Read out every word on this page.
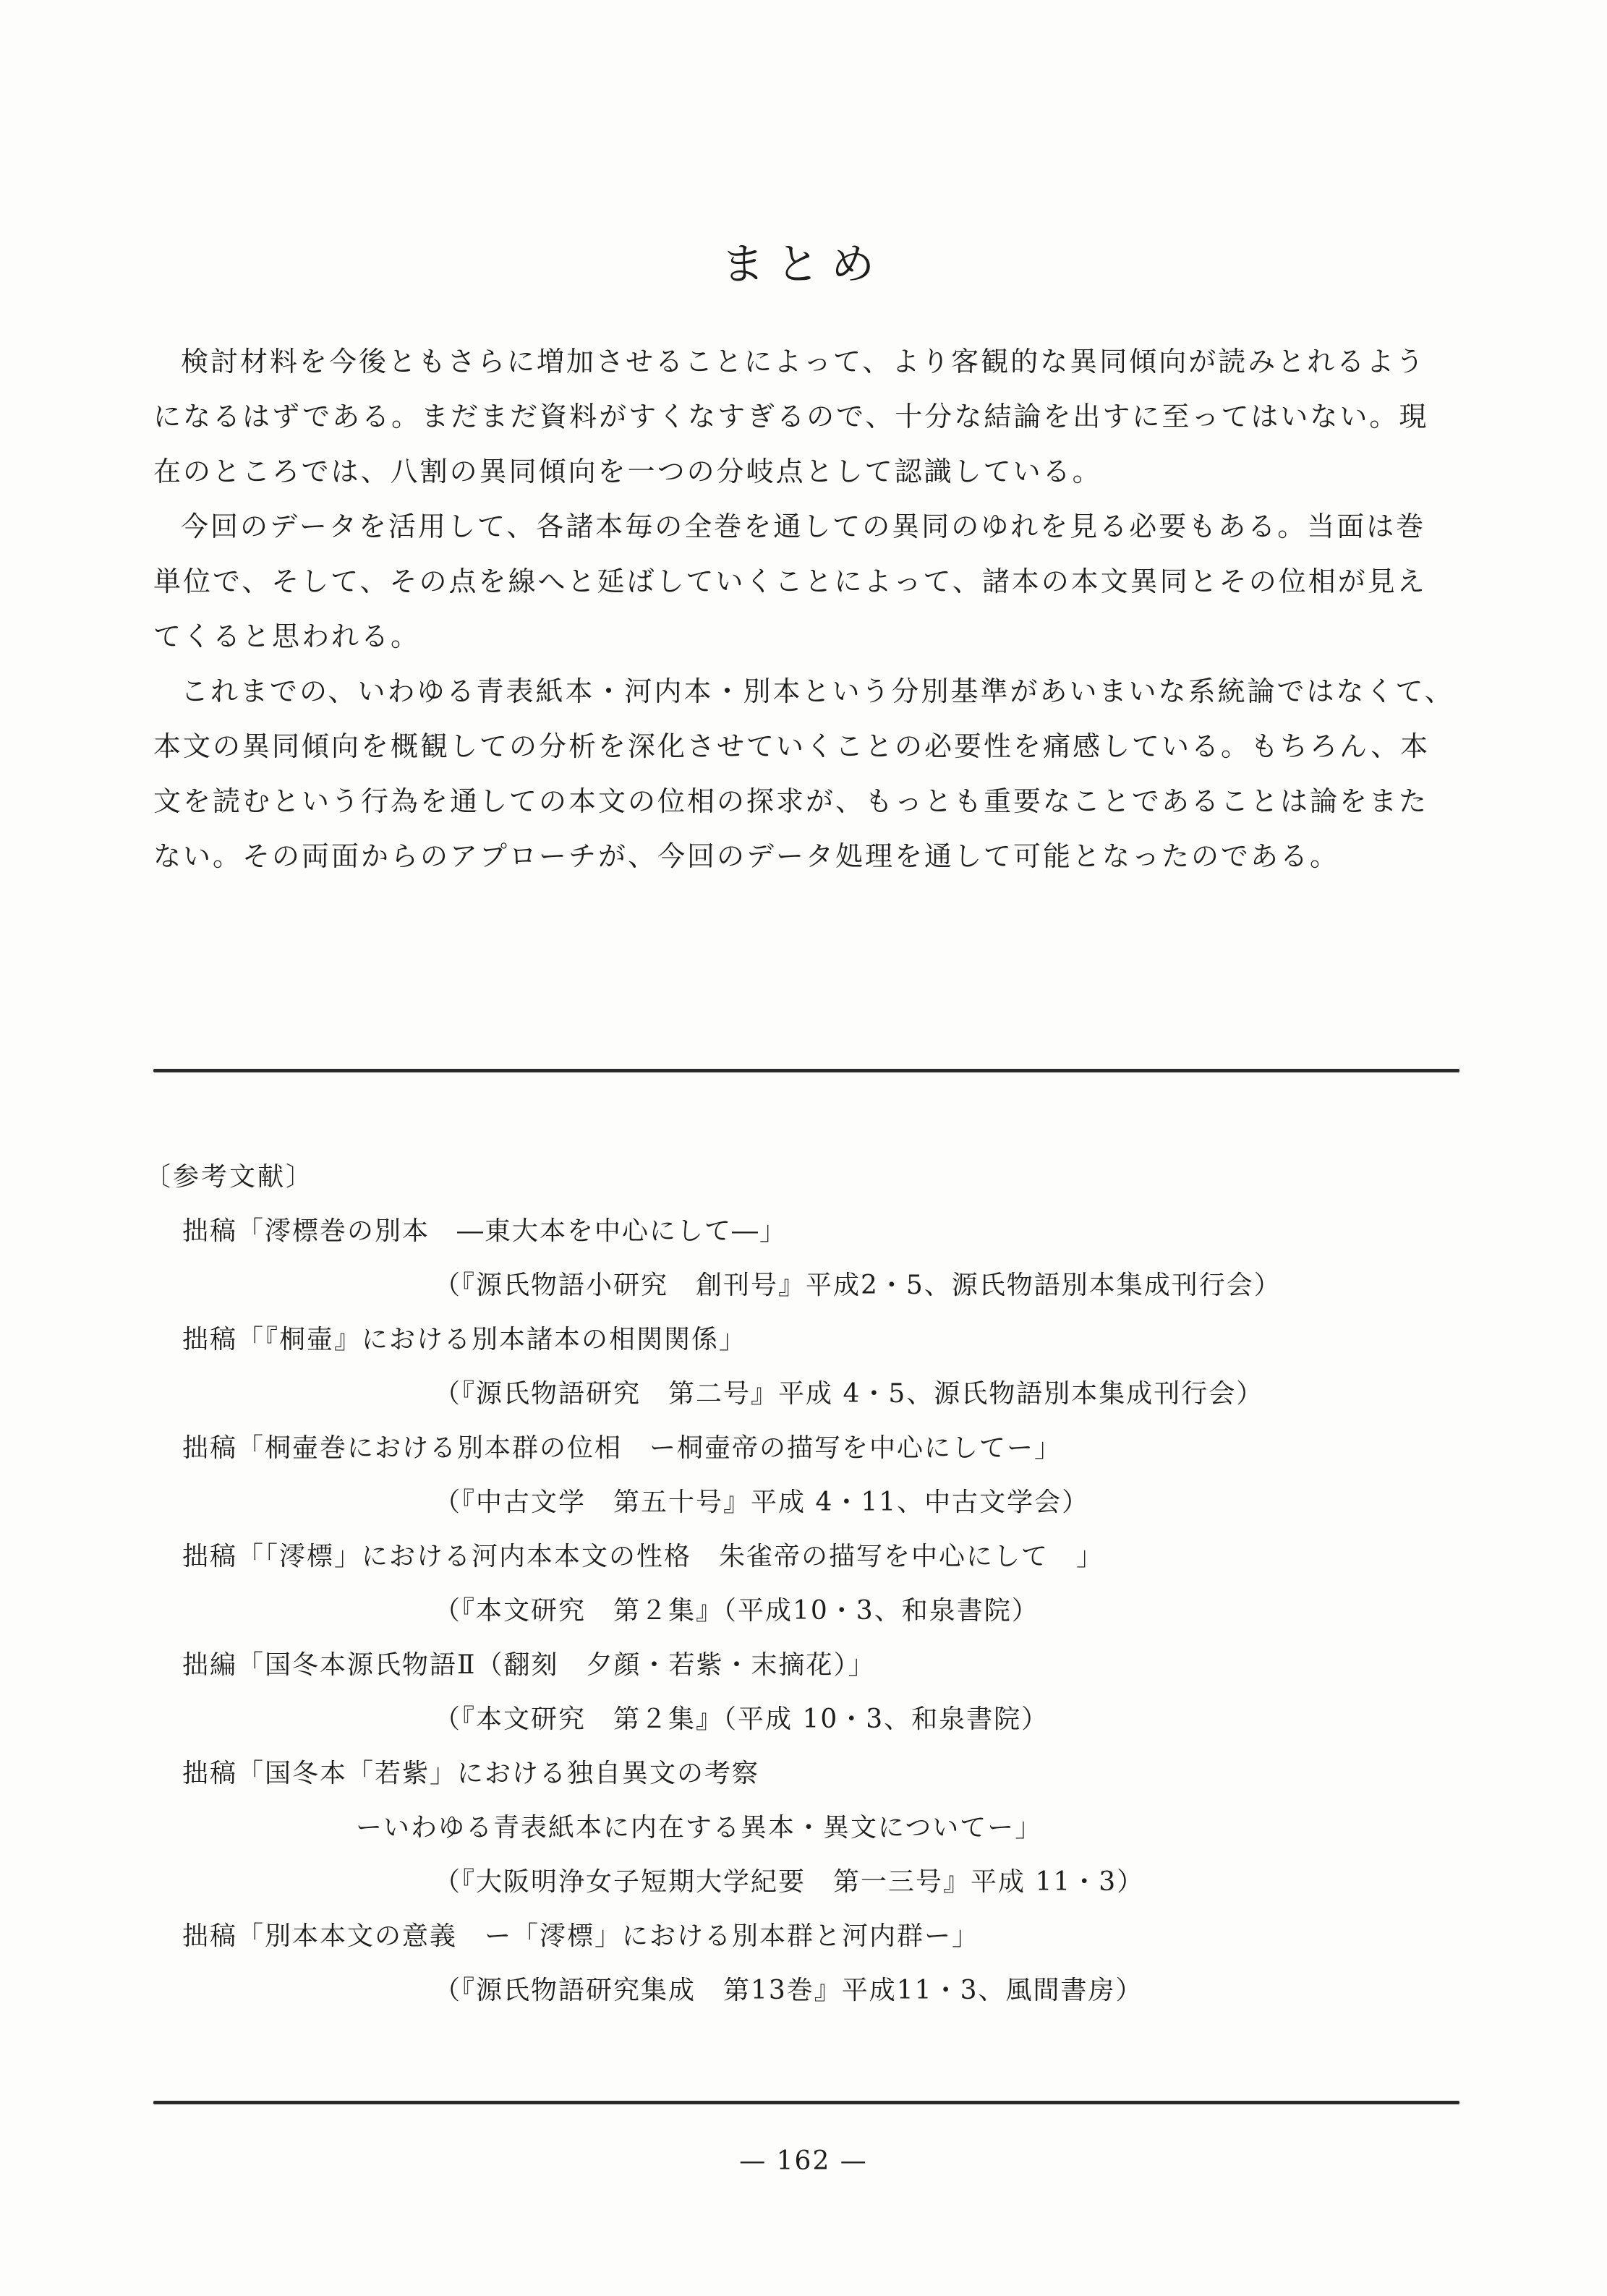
まとめ

検討材料を今後ともさらに増加させることによって、より客観的な異同傾向が読みとれるようになるはずである。まだまだ資料がすくなすぎるので、十分な結論を出すに至ってはいない。現在のところでは、八割の異同傾向を一つの分岐点として認識している。

今回のデータを活用して、各諸本毎の全巻を通しての異同のゆれを見る必要もある。当面は巻単位で、そして、その点を線へと延ばしていくことによって、諸本の本文異同とその位相が見えてくると思われる。

これまでの、いわゆる青表紙本・河内本・別本という分別基準があいまいな系統論ではなくて、本文の異同傾向を概観しての分析を深化させていくことの必要性を痛感している。もちろん、本文を読むという行為を通しての本文の位相の探求が、もっとも重要なことであることは論をまたない。その両面からのアプローチが、今回のデータ処理を通して可能となったのである。

〔参考文献〕

拙稿「澪標巻の別本　―東大本を中心にして―」

（『源氏物語小研究　創刊号』平成2・5、源氏物語別本集成刊行会）

拙稿「『桐壷』における別本諸本の相関関係」

（『源氏物語研究　第二号』平成 4・5、源氏物語別本集成刊行会）

拙稿「桐壷巻における別本群の位相　ー桐壷帝の描写を中心にしてー」

（『中古文学　第五十号』平成 4・11、中古文学会）

拙稿「「澪標」における河内本本文の性格　朱雀帝の描写を中心にして　」

（『本文研究　第２集』（平成10・3、和泉書院）

拙編「国冬本源氏物語Ⅱ（翻刻　夕顔・若紫・末摘花）」

（『本文研究　第２集』（平成 10・3、和泉書院）

拙稿「国冬本「若紫」における独自異文の考察

ーいわゆる青表紙本に内在する異本・異文についてー」

（『大阪明浄女子短期大学紀要　第一三号』平成 11・3）

拙稿「別本本文の意義　ー「澪標」における別本群と河内群ー」

（『源氏物語研究集成　第13巻』平成11・3、風間書房）

— 162 —
